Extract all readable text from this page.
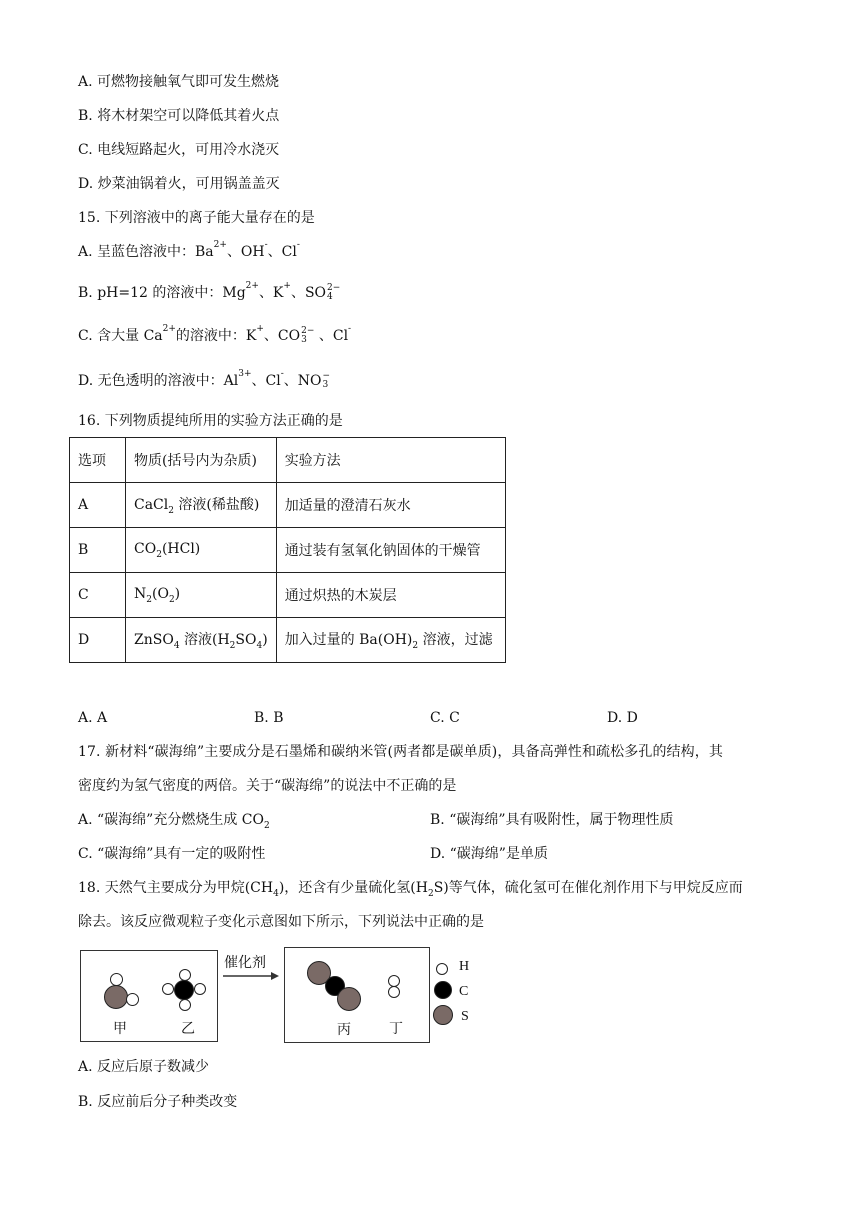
A. 可燃物接触氧气即可发生燃烧
B. 将木材架空可以降低其着火点
C. 电线短路起火，可用冷水浇灭
D. 炒菜油锅着火，可用锅盖盖灭
15. 下列溶液中的离子能大量存在的是
A. 呈蓝色溶液中：$Ba^{2+}$、OH-、Cl-
B. pH=12 的溶液中：$Mg^{2+}$、K+、SO 2−
4
C. 含大量 $Ca^{2+}$的溶液中：K+、CO 2−
3 、Cl-
D. 无色透明的溶液中：$Al^{3+}$、Cl-、NO −
3
16. 下列物质提纯所用的实验方法正确的是
选项	物质(括号内为杂质)	实验方法
A	CaCl$_2$ 溶液(稀盐酸)	加适量的澄清石灰水
B	$CO_2(HCl)$	通过装有氢氧化钠固体的干燥管
C	$N_2(O_2)$	通过炽热的木炭层
D	ZnSO$_4$ 溶液$(H_2SO_4)$	加入过量的 $Ba(OH)_2$ 溶液，过滤
A. A	B. B	C. C	D. D
17. 新材料“碳海绵”主要成分是石墨烯和碳纳米管(两者都是碳单质)，具备高弹性和疏松多孔的结构，其
密度约为氢气密度的两倍。关于“碳海绵”的说法中不正确的是
A. “碳海绵”充分燃烧生成 $CO_2$	B. “碳海绵”具有吸附性，属于物理性质
C. “碳海绵”具有一定的吸附性	D. “碳海绵”是单质
18. 天然气主要成分为甲烷$(CH_4)$，还含有少量硫化氢$(H_2S)$等气体，硫化氢可在催化剂作用下与甲烷反应而
除去。该反应微观粒子变化示意图如下所示，下列说法中正确的是
甲	乙
催化剂
丙	丁
H
C
S
A. 反应后原子数减少
B. 反应前后分子种类改变
